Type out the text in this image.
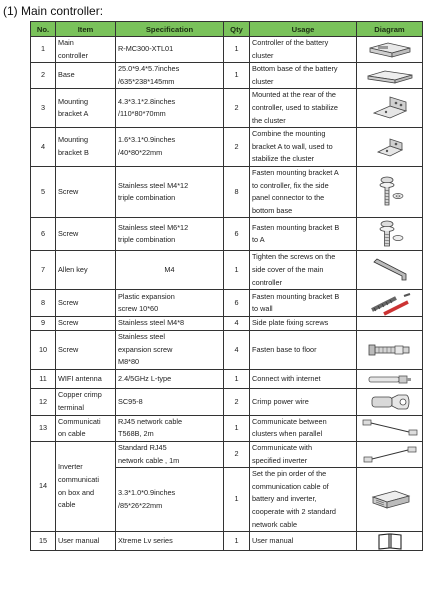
(1) Main controller:
No.	Item	Specification	Qty	Usage	Diagram
1	Main
controller	R-MC300-XTL01	1	Controller of the battery
cluster	

2	Base	25.0*9.4*5.7inches
/635*238*145mm	1	Bottom base of the battery
cluster	

3	Mounting
bracket A	4.3*3.1*2.8inches
/110*80*70mm	2	Mounted at the rear of the
controller, used to stabilize
the cluster	

4	Mounting
bracket B	1.6*3.1*0.9inches
/40*80*22mm	2	Combine the mounting
bracket A to wall, used to
stabilize the cluster	

5	Screw	Stainless steel M4*12
triple combination	8	Fasten mounting bracket A
to controller, fix the side
panel connector to the
bottom base	

6	Screw	Stainless steel M6*12
triple combination	6	Fasten mounting bracket B
to A	

7	Allen key	M4	1	Tighten the screws on the
side cover of the main
controller	

8	Screw	Plastic expansion
screw 10*60	6	Fasten mounting bracket B
to wall	

9	Screw	Stainless steel M4*8	4	Side plate fixing screws	
10	Screw	Stainless steel
expansion screw
M8*80	4	Fasten base to floor	

11	WIFI antenna	2.4/5GHz L-type	1	Connect with internet	

12	Copper crimp
terminal	SC95-8	2	Crimp power wire	

13	Communicati
on cable	RJ45 network cable
T568B, 2m	1	Communicate between
clusters when parallel	

14	Inverter
communicati
on box and
cable	Standard RJ45
network cable , 1m	2	Communicate with
specified inverter	

		3.3*1.0*0.9inches
/85*26*22mm	1	Set the pin order of the
communication cable of
battery and inverter,
cooperate with 2 standard
network cable	

15	User manual	Xtreme Lv series	1	User manual	
